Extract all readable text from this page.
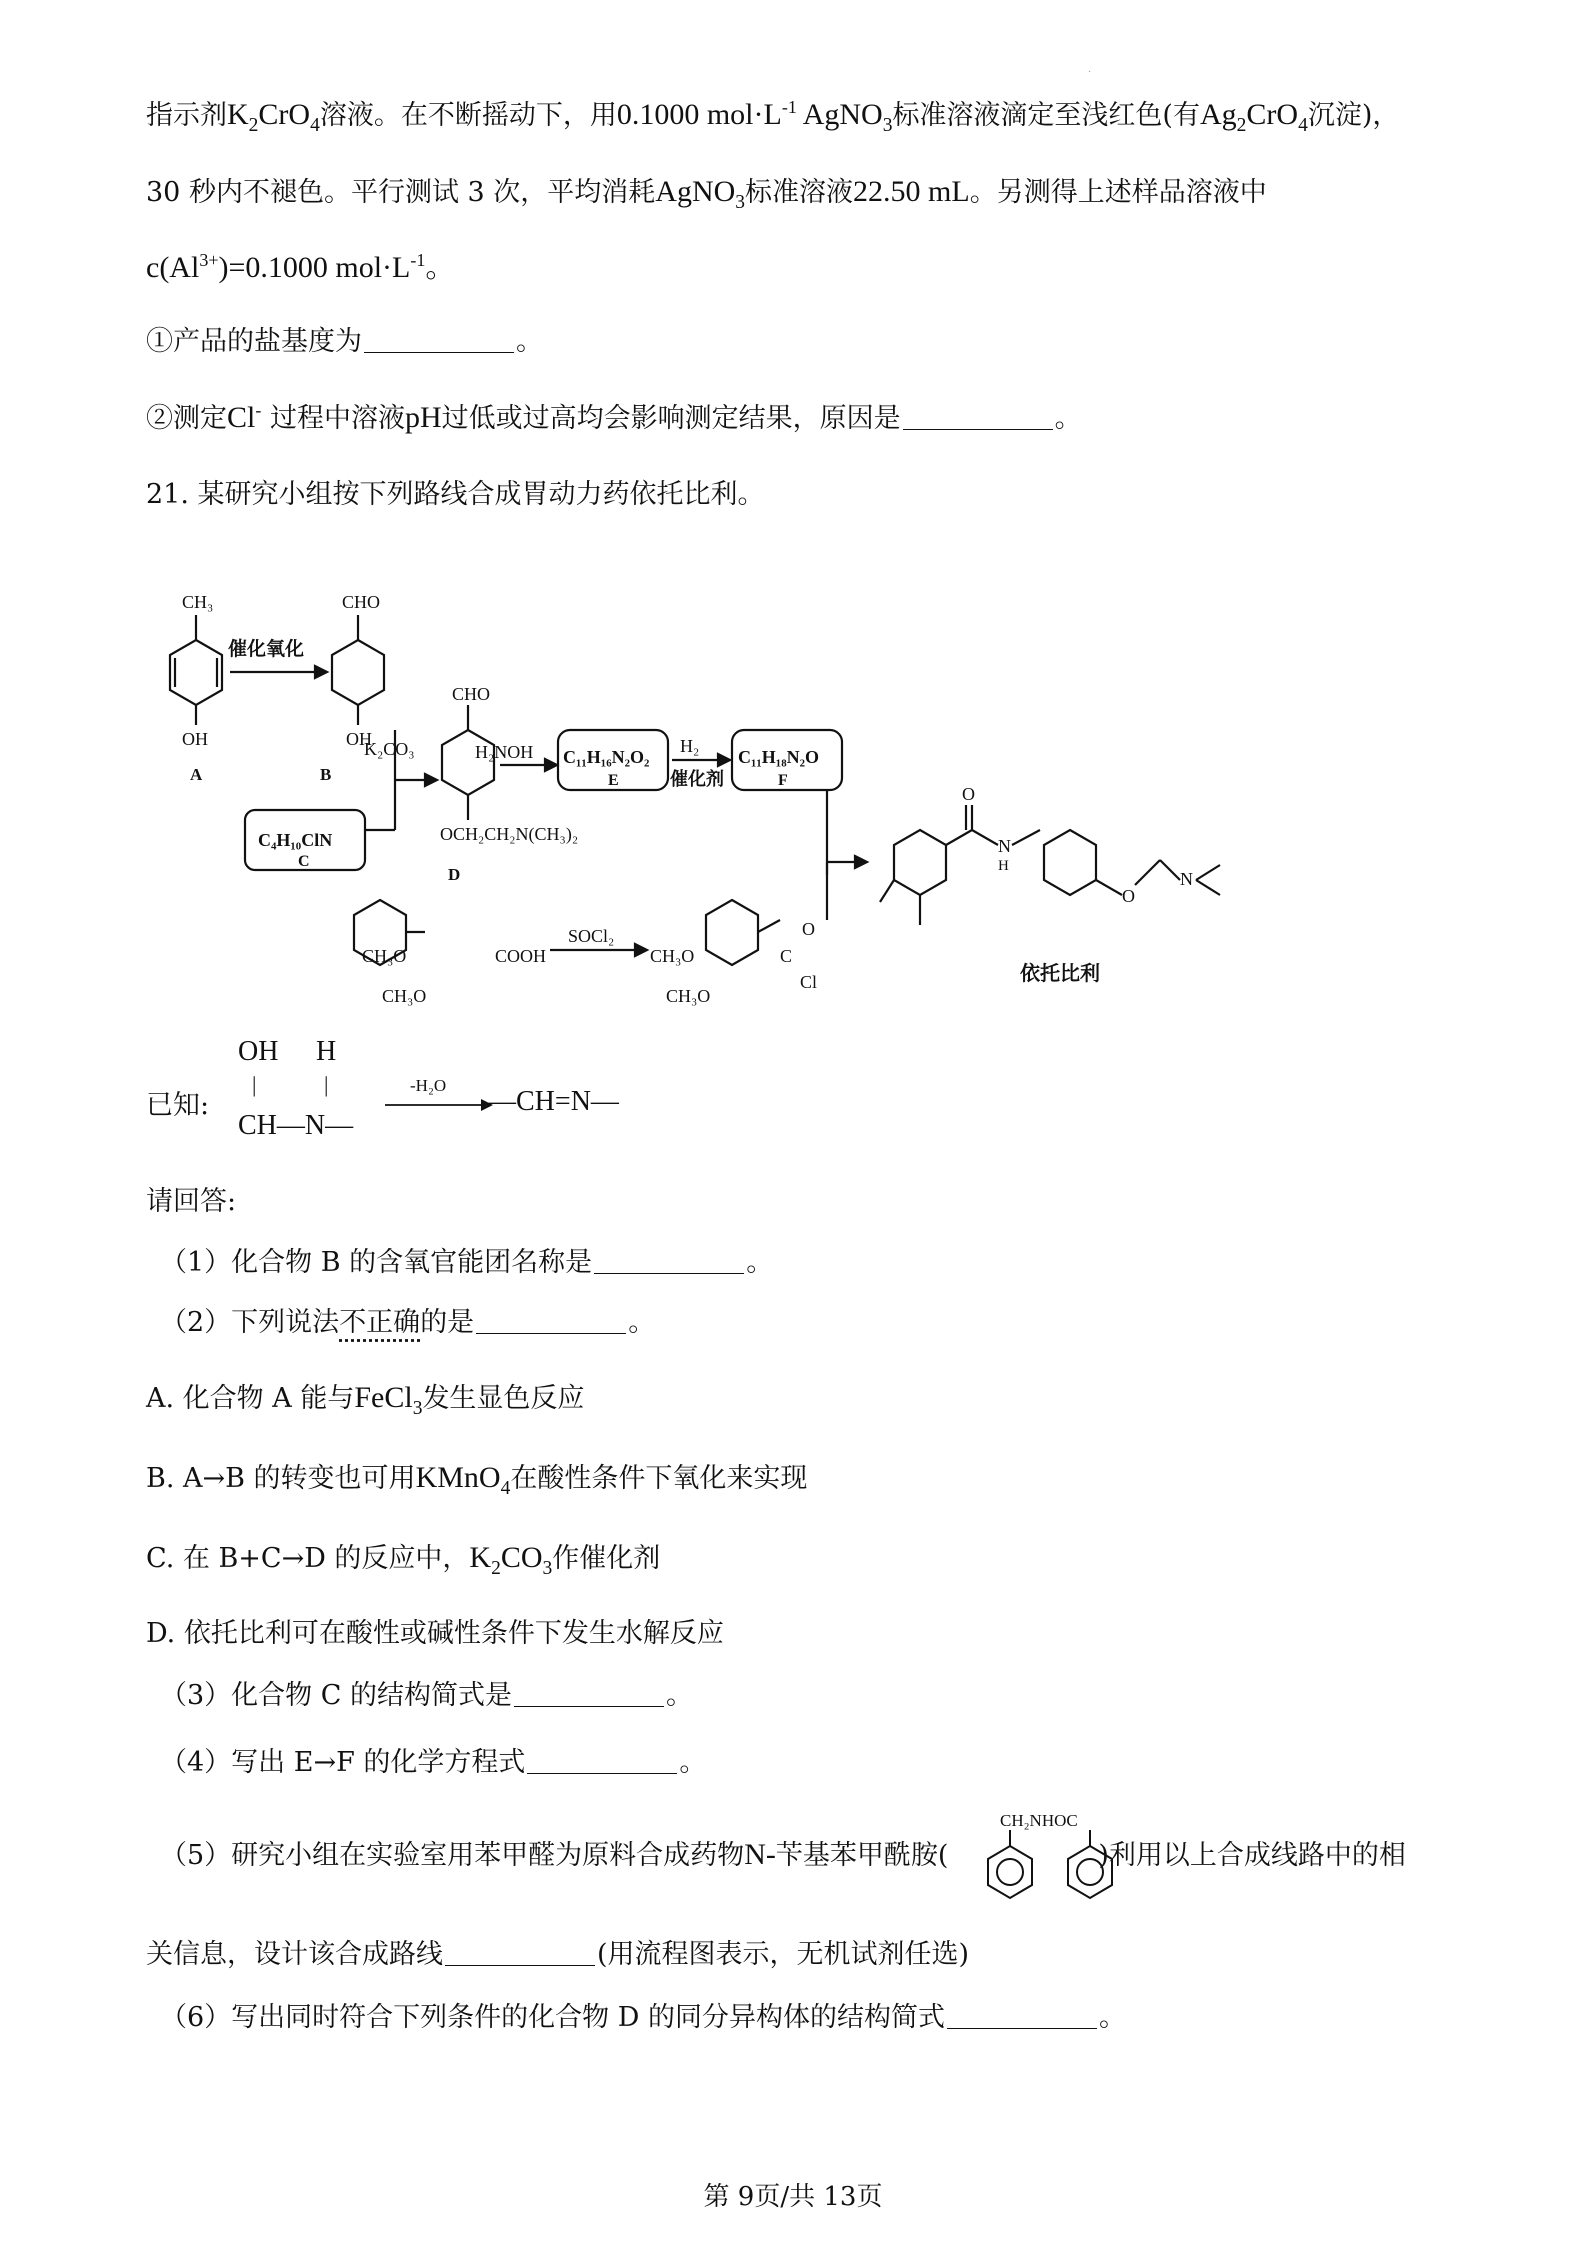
.
指示剂$K_2CrO_4$溶液。在不断摇动下，用0.1000 $mol\cdot L^{-1}$ AgNO$_3$标准溶液滴定至浅红色(有$Ag_2CrO_4$沉淀)，
30 秒内不褪色。平行测试 3 次，平均消耗AgNO$_3$标准溶液22.50 mL。另测得上述样品溶液中
$c(Al^{3+})=0.1000$ $mol\cdot L^{-1}$。
①产品的盐基度为	。
②测定Cl- 过程中溶液pH过低或过高均会影响测定结果，原因是	。
21. 某研究小组按下列路线合成胃动力药依托比利。
CH₃
OH
A
催化氧化
CHO
OH
B
K₂CO₃
C₄H₁₀ClN
C
CHO
OCH₂CH₂N(CH₃)₂
D
H₂NOH C₁₁H₁₆N₂O₂
E
H₂
催化剂
C₁₁H₁₈N₂O
F
CH₃O
CH₃O
COOH
SOCl₂
CH₃O
CH₃O
O
C
Cl
O
N
H
O
N
依托比利
已知:
OH H
|	|
CH—N—
-H₂O
—CH=N—
请回答:
（1）化合物 B 的含氧官能团名称是	。
（2）下列说法不正确的是	。
A. 化合物 A 能与FeCl$_3$发生显色反应
B. A→B 的转变也可用KMnO$_4$在酸性条件下氧化来实现
C. 在 B+C→D 的反应中，$K_2CO_3$作催化剂
D. 依托比利可在酸性或碱性条件下发生水解反应
（3）化合物 C 的结构简式是	。
（4）写出 E→F 的化学方程式	。
（5）研究小组在实验室用苯甲醛为原料合成药物N-苄基苯甲酰胺(	)利用以上合成线路中的相
CH₂NHOC
关信息，设计该合成路线	(用流程图表示，无机试剂任选)
（6）写出同时符合下列条件的化合物 D 的同分异构体的结构简式	。
第 9页/共 13页
